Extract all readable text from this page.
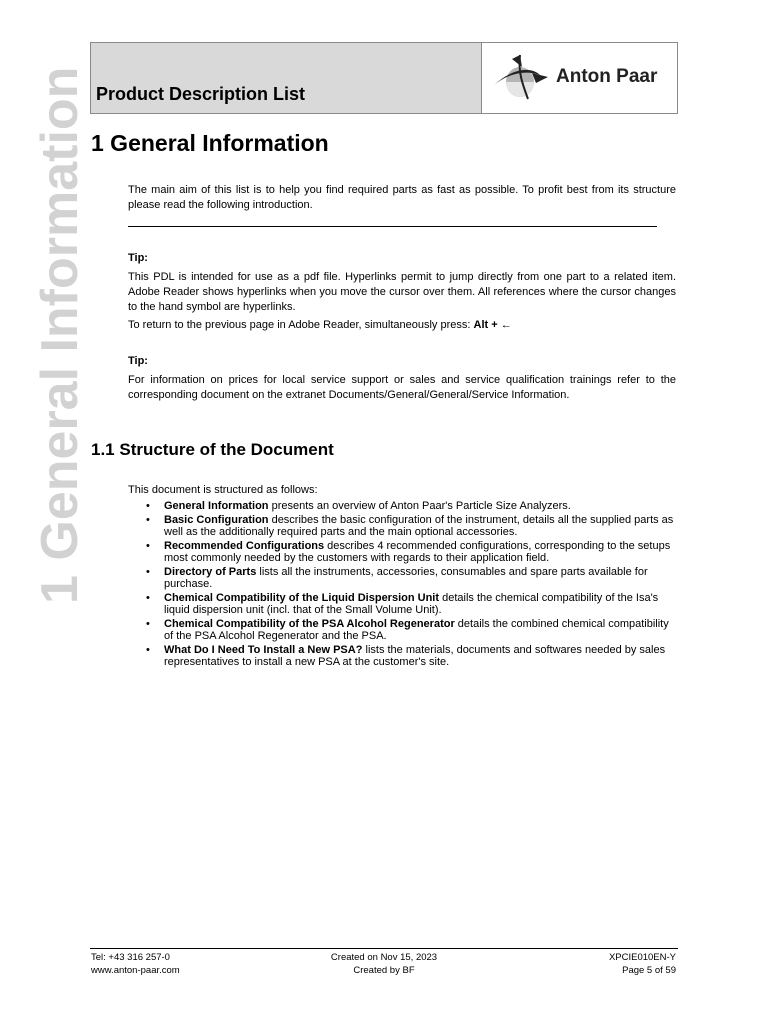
Product Description List
Anton Paar
1 General Information 1 General Information

The main aim of this list is to help you find required parts as fast as possible. To profit best from its structure please read the following introduction.

Tip:

This PDL is intended for use as a pdf file. Hyperlinks permit to jump directly from one part to a related item. Adobe Reader shows hyperlinks when you move the cursor over them. All references where the cursor changes to the hand symbol are hyperlinks.

To return to the previous page in Adobe Reader, simultaneously press: Alt + ←

Tip:

For information on prices for local service support or sales and service qualification trainings refer to the corresponding document on the extranet Documents/General/General/Service Information.

1.1 Structure of the Document

This document is structured as follows:

• General Information presents an overview of Anton Paar's Particle Size Analyzers.
• Basic Configuration describes the basic configuration of the instrument, details all the supplied parts as well as the additionally required parts and the main optional accessories.
• Recommended Configurations describes 4 recommended configurations, corresponding to the setups most commonly needed by the customers with regards to their application field.
• Directory of Parts lists all the instruments, accessories, consumables and spare parts available for purchase.
• Chemical Compatibility of the Liquid Dispersion Unit details the chemical compatibility of the Isa's liquid dispersion unit (incl. that of the Small Volume Unit).
• Chemical Compatibility of the PSA Alcohol Regenerator details the combined chemical compatibility of the PSA Alcohol Regenerator and the PSA.
• What Do I Need To Install a New PSA? lists the materials, documents and softwares needed by sales representatives to install a new PSA at the customer's site.
Tel: +43 316 257-0
www.anton-paar.com
Created on Nov 15, 2023
Created by BF
XPCIE010EN-Y
Page 5 of 59
